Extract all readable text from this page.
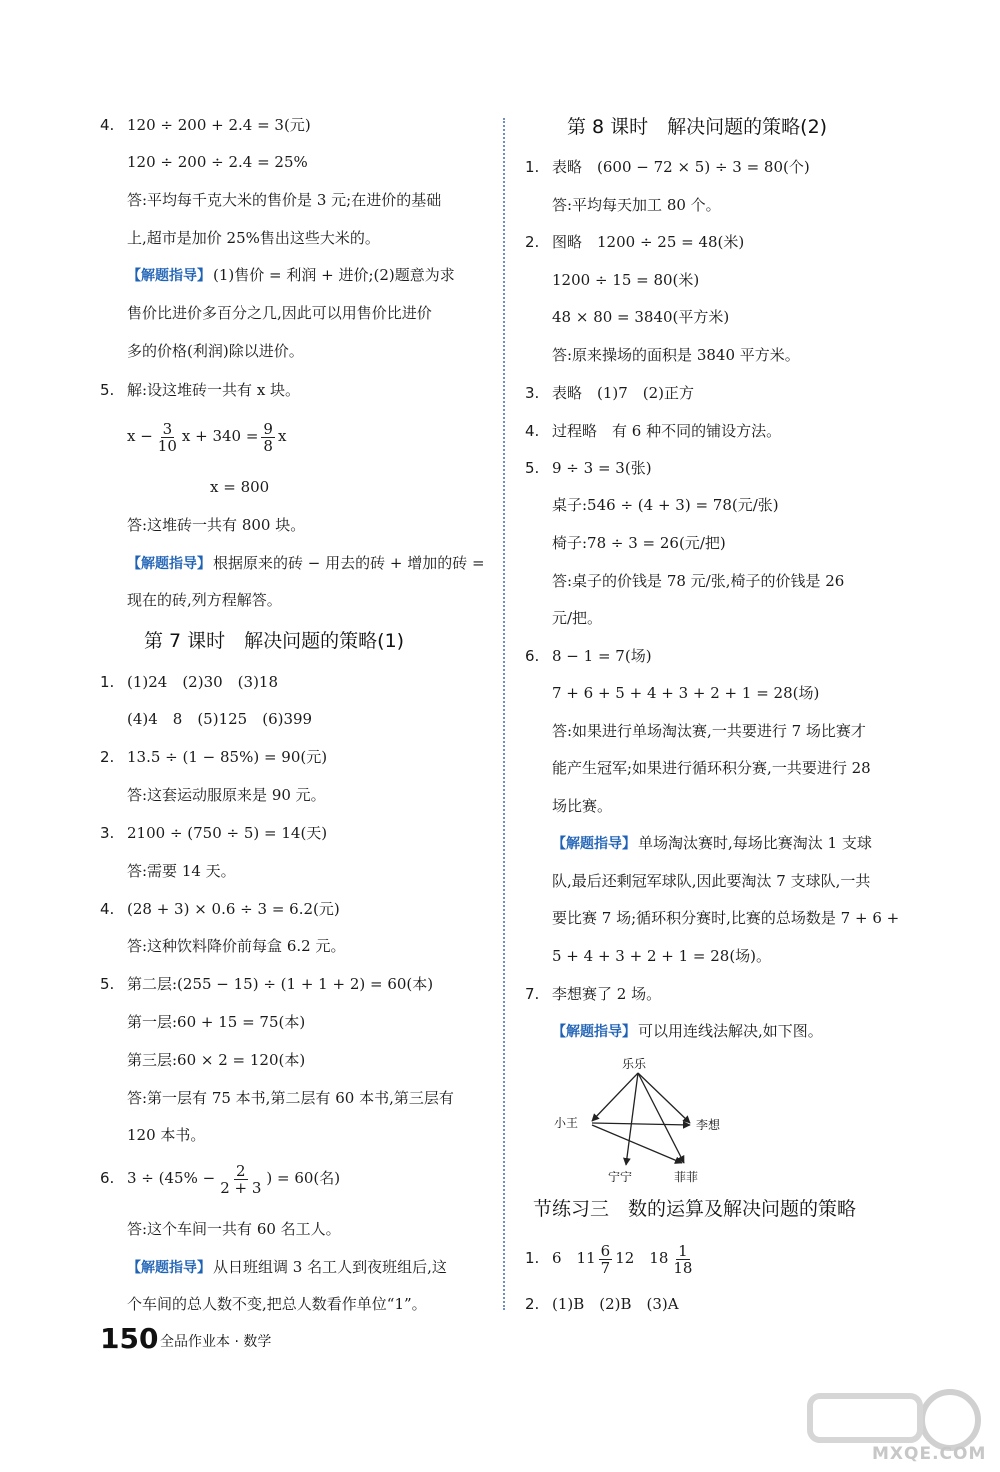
4. 120 ÷ 200 + 2.4 = 3(元)
120 ÷ 200 ÷ 2.4 = 25%
答:平均每千克大米的售价是 3 元;在进价的基础
上,超市是加价 25%售出这些大米的。
【解题指导】 (1)售价 = 利润 + 进价;(2)题意为求
售价比进价多百分之几,因此可以用售价比进价
多的价格(利润)除以进价。
5. 解:设这堆砖一共有 x 块。
$x - \frac{3}{10}$ $x + 340 = \frac{9}{8}$ x
x = 800
答:这堆砖一共有 800 块。
【解题指导】 根据原来的砖 − 用去的砖 + 增加的砖 =
现在的砖,列方程解答。
第 7 课时　解决问题的策略(1)
1. (1)24　(2)30　(3)18
(4)4　8　(5)125　(6)399
2. 13.5 ÷ (1 − 85%) = 90(元)
答:这套运动服原来是 90 元。
3. 2100 ÷ (750 ÷ 5) = 14(天)
答:需要 14 天。
4. (28 + 3) × 0.6 ÷ 3 = 6.2(元)
答:这种饮料降价前每盒 6.2 元。
5. 第二层:(255 − 15) ÷ (1 + 1 + 2) = 60(本)
第一层:60 + 15 = 75(本)
第三层:60 × 2 = 120(本)
答:第一层有 75 本书,第二层有 60 本书,第三层有
120 本书。
6. $3 \div (45\% - \frac{2}{2 + 3}$ ) = 60(名)
答:这个车间一共有 60 名工人。
【解题指导】 从日班组调 3 名工人到夜班组后,这
个车间的总人数不变,把总人数看作单位“1”。
第 8 课时　解决问题的策略(2)
1. 表略　(600 − 72 × 5) ÷ 3 = 80(个)
答:平均每天加工 80 个。
2. 图略　1200 ÷ 25 = 48(米)
1200 ÷ 15 = 80(米)
48 × 80 = 3840(平方米)
答:原来操场的面积是 3840 平方米。
3. 表略　(1)7　(2)正方
4. 过程略　有 6 种不同的铺设方法。
5. 9 ÷ 3 = 3(张)
桌子:546 ÷ (4 + 3) = 78(元/张)
椅子:78 ÷ 3 = 26(元/把)
答:桌子的价钱是 78 元/张,椅子的价钱是 26
元/把。
6. 8 − 1 = 7(场)
7 + 6 + 5 + 4 + 3 + 2 + 1 = 28(场)
答:如果进行单场淘汰赛,一共要进行 7 场比赛才
能产生冠军;如果进行循环积分赛,一共要进行 28
场比赛。
【解题指导】 单场淘汰赛时,每场比赛淘汰 1 支球
队,最后还剩冠军球队,因此要淘汰 7 支球队,一共
要比赛 7 场;循环积分赛时,比赛的总场数是 7 + 6 +
5 + 4 + 3 + 2 + 1 = 28(场)。
7. 李想赛了 2 场。
【解题指导】 可以用连线法解决,如下图。
乐乐
小王	李想
宁宁	菲菲
节练习三　数的运算及解决问题的策略
1. 6　$11 \frac{6}{7} 12$　$18 \frac{1}{18}$
2. (1)B　(2)B　(3)A
150 全品作业本 · 数学
MXQE.COM
